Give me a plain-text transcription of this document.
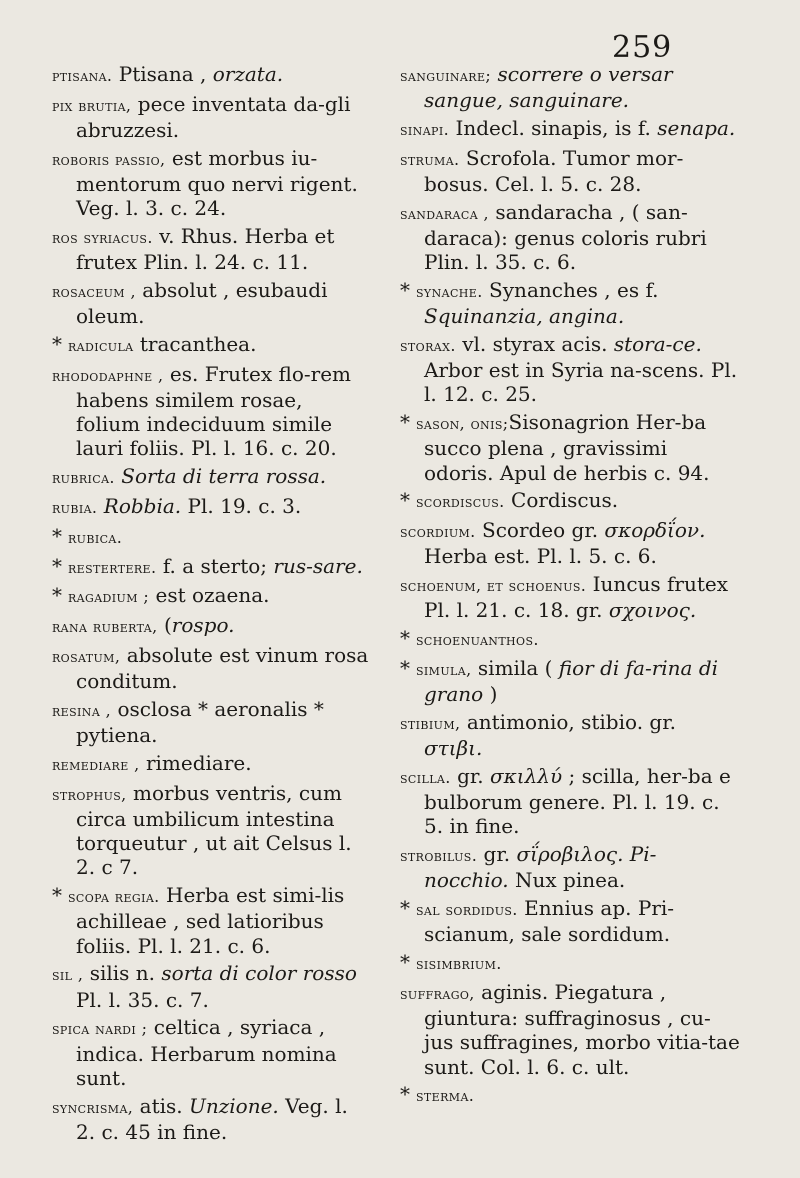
259

ptisana. Ptisana , orzata.

pix brutia, pece inventata da-gli abruzzesi.

roboris passio, est morbus iu-mentorum quo nervi rigent. Veg. l. 3. c. 24.

ros syriacus. v. Rhus. Herba et frutex Plin. l. 24. c. 11.

rosaceum , absolut , esubaudi oleum.

* radicula tracanthea.

rhododaphne , es. Frutex flo-rem habens similem rosae, folium indeciduum simile lauri foliis. Pl. l. 16. c. 20.

rubrica. Sorta di terra rossa.

rubia. Robbia. Pl. 19. c. 3.

* rubica.

* restertere. f. a sterto; rus-sare.

* ragadium ; est ozaena.

rana ruberta, (rospo.

rosatum, absolute est vinum rosa conditum.

resina , osclosa * aeronalis * pytiena.

remediare , rimediare.

strophus, morbus ventris, cum circa umbilicum intestina torqueutur , ut ait Celsus l. 2. c 7.

* scopa regia. Herba est simi-lis achilleae , sed latioribus foliis. Pl. l. 21. c. 6.

sil , silis n. sorta di color rosso Pl. l. 35. c. 7.

spica nardi ; celtica , syriaca , indica. Herbarum nomina sunt.

syncrisma, atis. Unzione. Veg. l. 2. c. 45 in fine.

sanguinare; scorrere o versar sangue, sanguinare.

sinapi. Indecl. sinapis, is f. senapa.

struma. Scrofola. Tumor mor-bosus. Cel. l. 5. c. 28.

sandaraca , sandaracha , ( san-daraca): genus coloris rubri Plin. l. 35. c. 6.

* synache. Synanches , es f. Squinanzia, angina.

storax. vl. styrax acis. stora-ce. Arbor est in Syria na-scens. Pl. l. 12. c. 25.

* sason, onis;Sisonagrion Her-ba succo plena , gravissimi odoris. Apul de herbis c. 94.

* scordiscus. Cordiscus.

scordium. Scordeo gr. σκορδΐον. Herba est. Pl. l. 5. c. 6.

schoenum, et schoenus. Iuncus frutex Pl. l. 21. c. 18. gr. σχοινος.

* schoenuanthos.

* simula, simila ( fior di fa-rina di grano )

stibium, antimonio, stibio. gr. στιβι.

scilla. gr. σκιλλύ ; scilla, her-ba e bulborum genere. Pl. l. 19. c. 5. in fine.

strobilus. gr. σΐροβιλος. Pi-nocchio. Nux pinea.

* sal sordidus. Ennius ap. Pri-scianum, sale sordidum.

* sisimbrium.

suffrago, aginis. Piegatura , giuntura: suffraginosus , cu-jus suffragines, morbo vitia-tae sunt. Col. l. 6. c. ult.

* sterma.
